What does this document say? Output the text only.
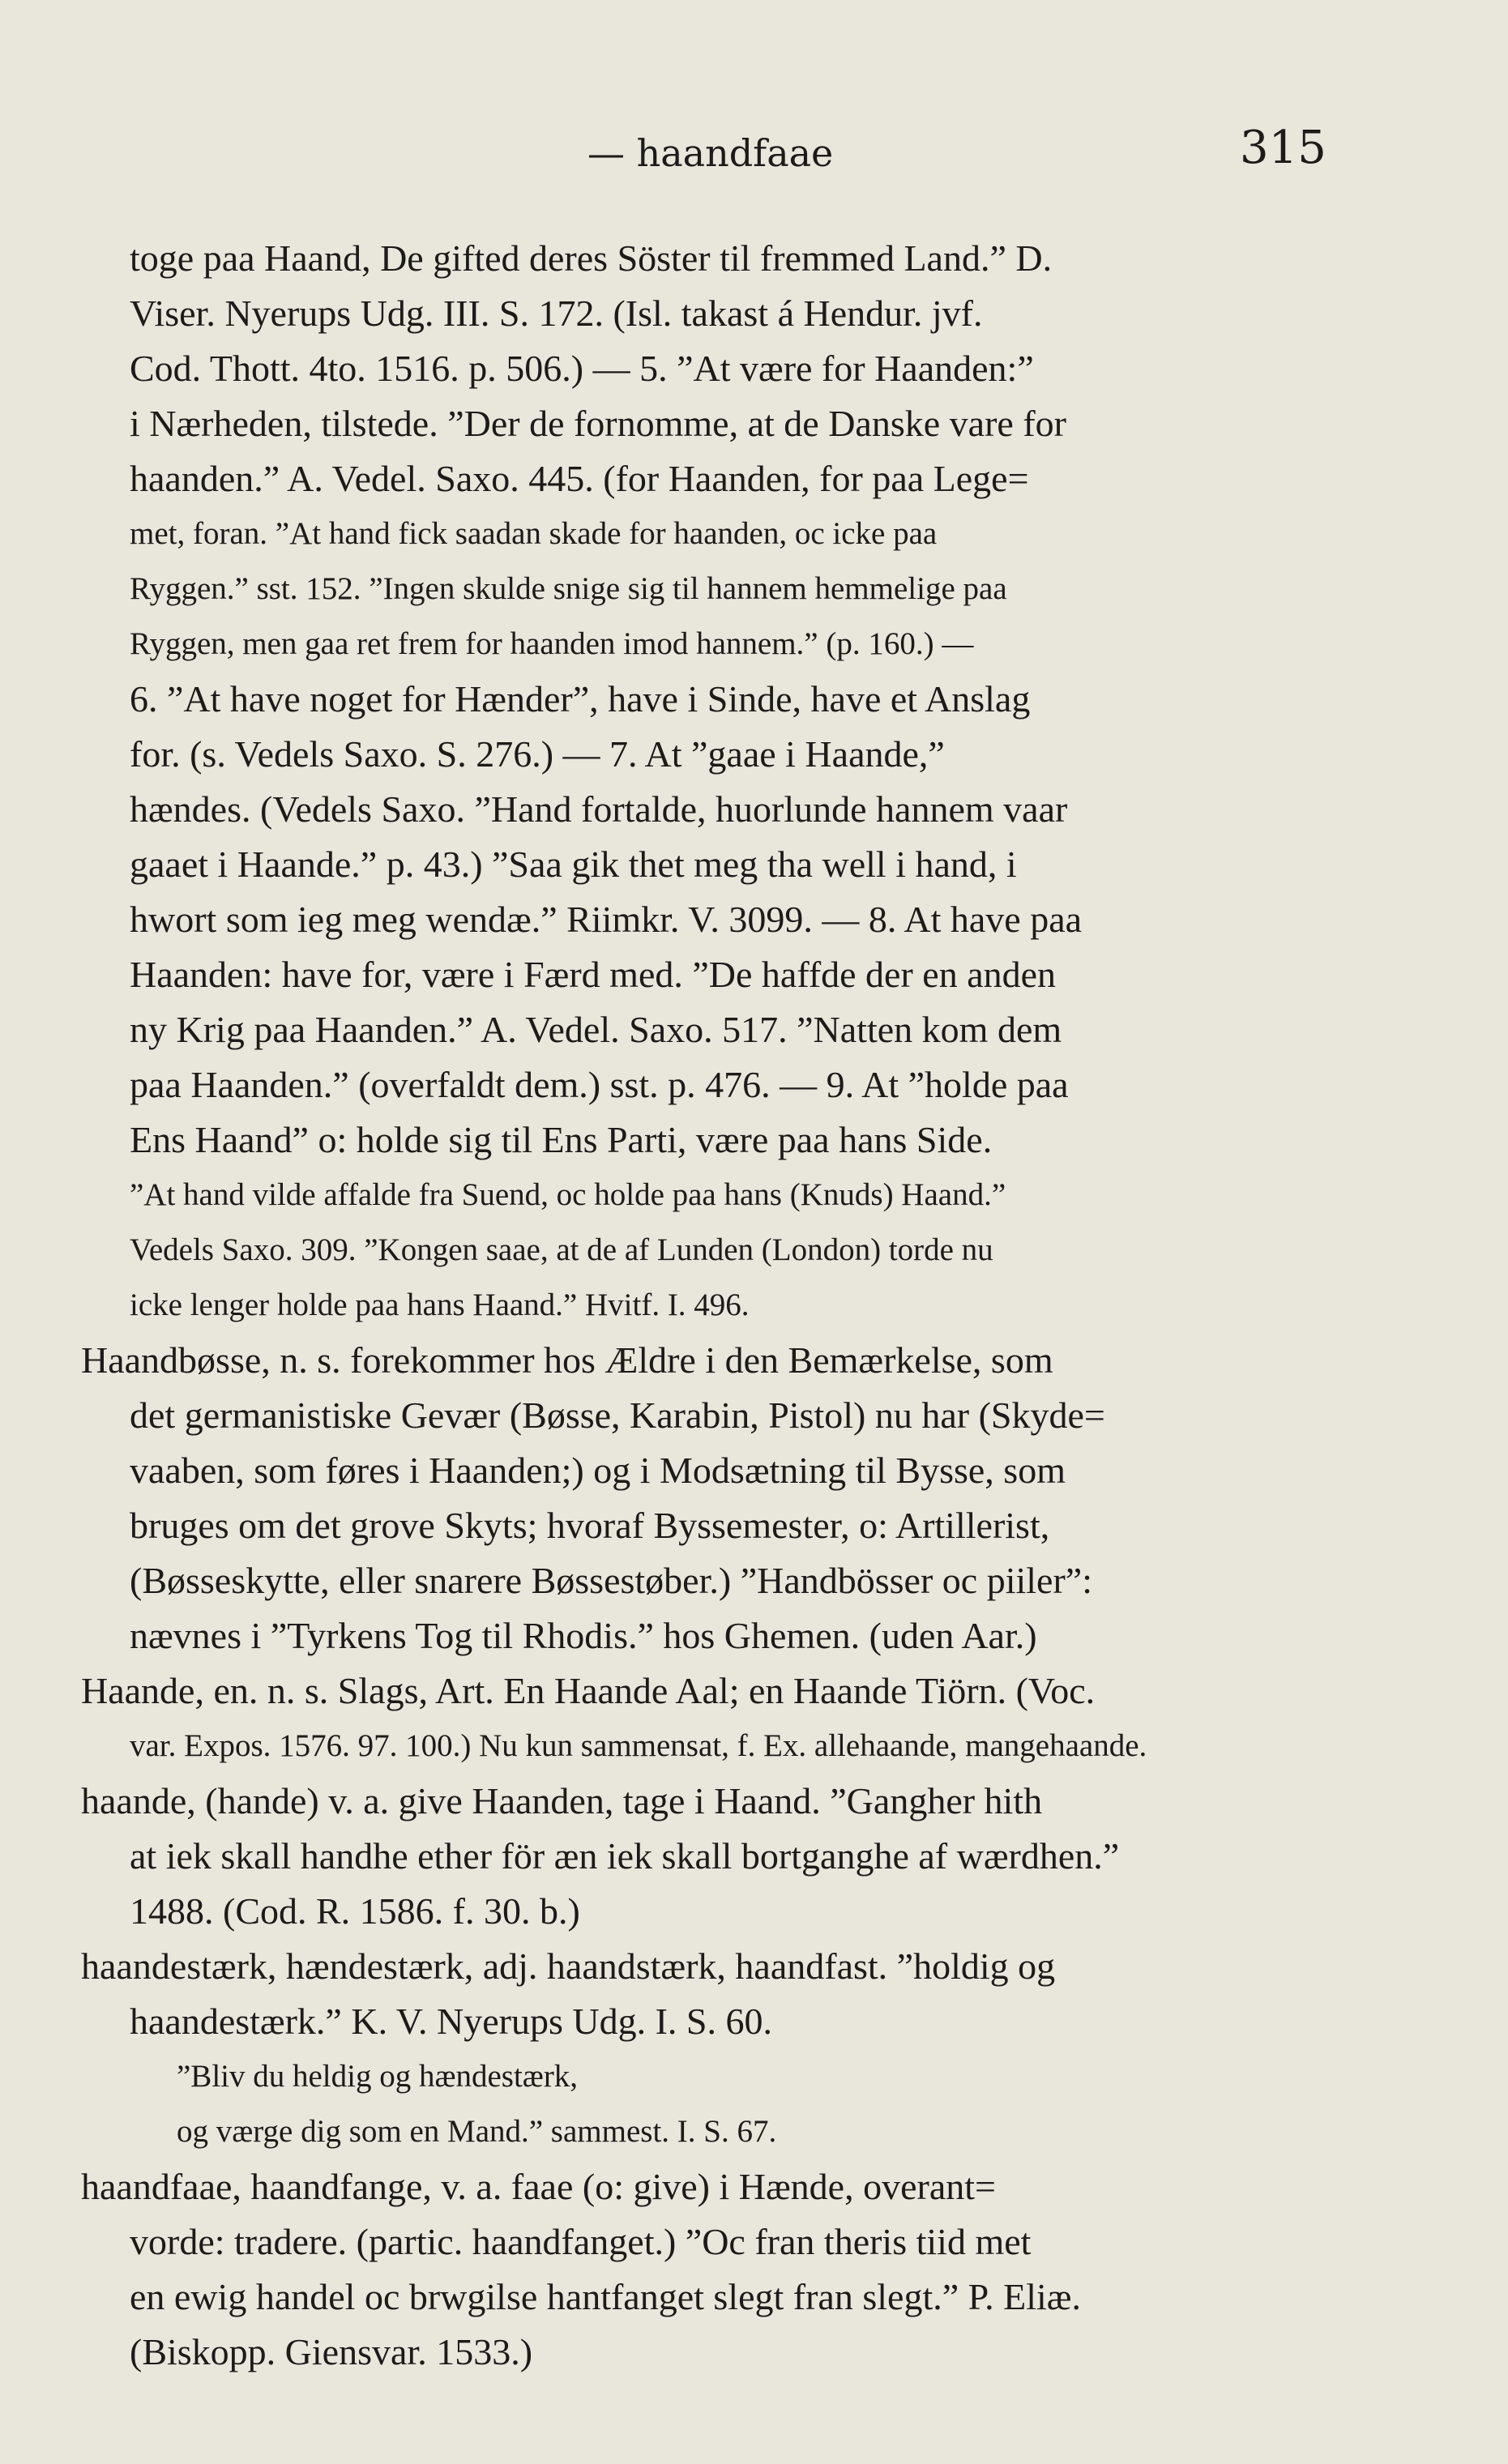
— haandfaae	315
toge paa Haand, De gifted deres Söster til fremmed Land.” D.
Viser. Nyerups Udg. III. S. 172. (Isl. takast á Hendur. jvf.
Cod. Thott. 4to. 1516. p. 506.) — 5. ”At være for Haanden:”
i Nærheden, tilstede. ”Der de fornomme, at de Danske vare for
haanden.” A. Vedel. Saxo. 445. (for Haanden, for paa Lege=
met, foran. ”At hand fick saadan skade for haanden, oc icke paa
Ryggen.” sst. 152. ”Ingen skulde snige sig til hannem hemmelige paa
Ryggen, men gaa ret frem for haanden imod hannem.” (p. 160.) —
6. ”At have noget for Hænder”, have i Sinde, have et Anslag
for. (s. Vedels Saxo. S. 276.) — 7. At ”gaae i Haande,”
hændes. (Vedels Saxo. ”Hand fortalde, huorlunde hannem vaar
gaaet i Haande.” p. 43.) ”Saa gik thet meg tha well i hand, i
hwort som ieg meg wendæ.” Riimkr. V. 3099. — 8. At have paa
Haanden: have for, være i Færd med. ”De haffde der en anden
ny Krig paa Haanden.” A. Vedel. Saxo. 517. ”Natten kom dem
paa Haanden.” (overfaldt dem.) sst. p. 476. — 9. At ”holde paa
Ens Haand” o: holde sig til Ens Parti, være paa hans Side.
”At hand vilde affalde fra Suend, oc holde paa hans (Knuds) Haand.”
Vedels Saxo. 309. ”Kongen saae, at de af Lunden (London) torde nu
icke lenger holde paa hans Haand.” Hvitf. I. 496.
Haandbøsse, n. s. forekommer hos Ældre i den Bemærkelse, som
det germanistiske Gevær (Bøsse, Karabin, Pistol) nu har (Skyde=
vaaben, som føres i Haanden;) og i Modsætning til Bysse, som
bruges om det grove Skyts; hvoraf Byssemester, o: Artillerist,
(Bøsseskytte, eller snarere Bøssestøber.) ”Handbösser oc piiler”:
nævnes i ”Tyrkens Tog til Rhodis.” hos Ghemen. (uden Aar.)
Haande, en. n. s. Slags, Art. En Haande Aal; en Haande Tiörn. (Voc.
var. Expos. 1576. 97. 100.) Nu kun sammensat, f. Ex. allehaande, mangehaande.
haande, (hande) v. a. give Haanden, tage i Haand. ”Gangher hith
at iek skall handhe ether för æn iek skall bortganghe af wærdhen.”
1488. (Cod. R. 1586. f. 30. b.)
haandestærk, hændestærk, adj. haandstærk, haandfast. ”holdig og
haandestærk.” K. V. Nyerups Udg. I. S. 60.
”Bliv du heldig og hændestærk,
og værge dig som en Mand.” sammest. I. S. 67.
haandfaae, haandfange, v. a. faae (o: give) i Hænde, overant=
vorde: tradere. (partic. haandfanget.) ”Oc fran theris tiid met
en ewig handel oc brwgilse hantfanget slegt fran slegt.” P. Eliæ.
(Biskopp. Giensvar. 1533.)
